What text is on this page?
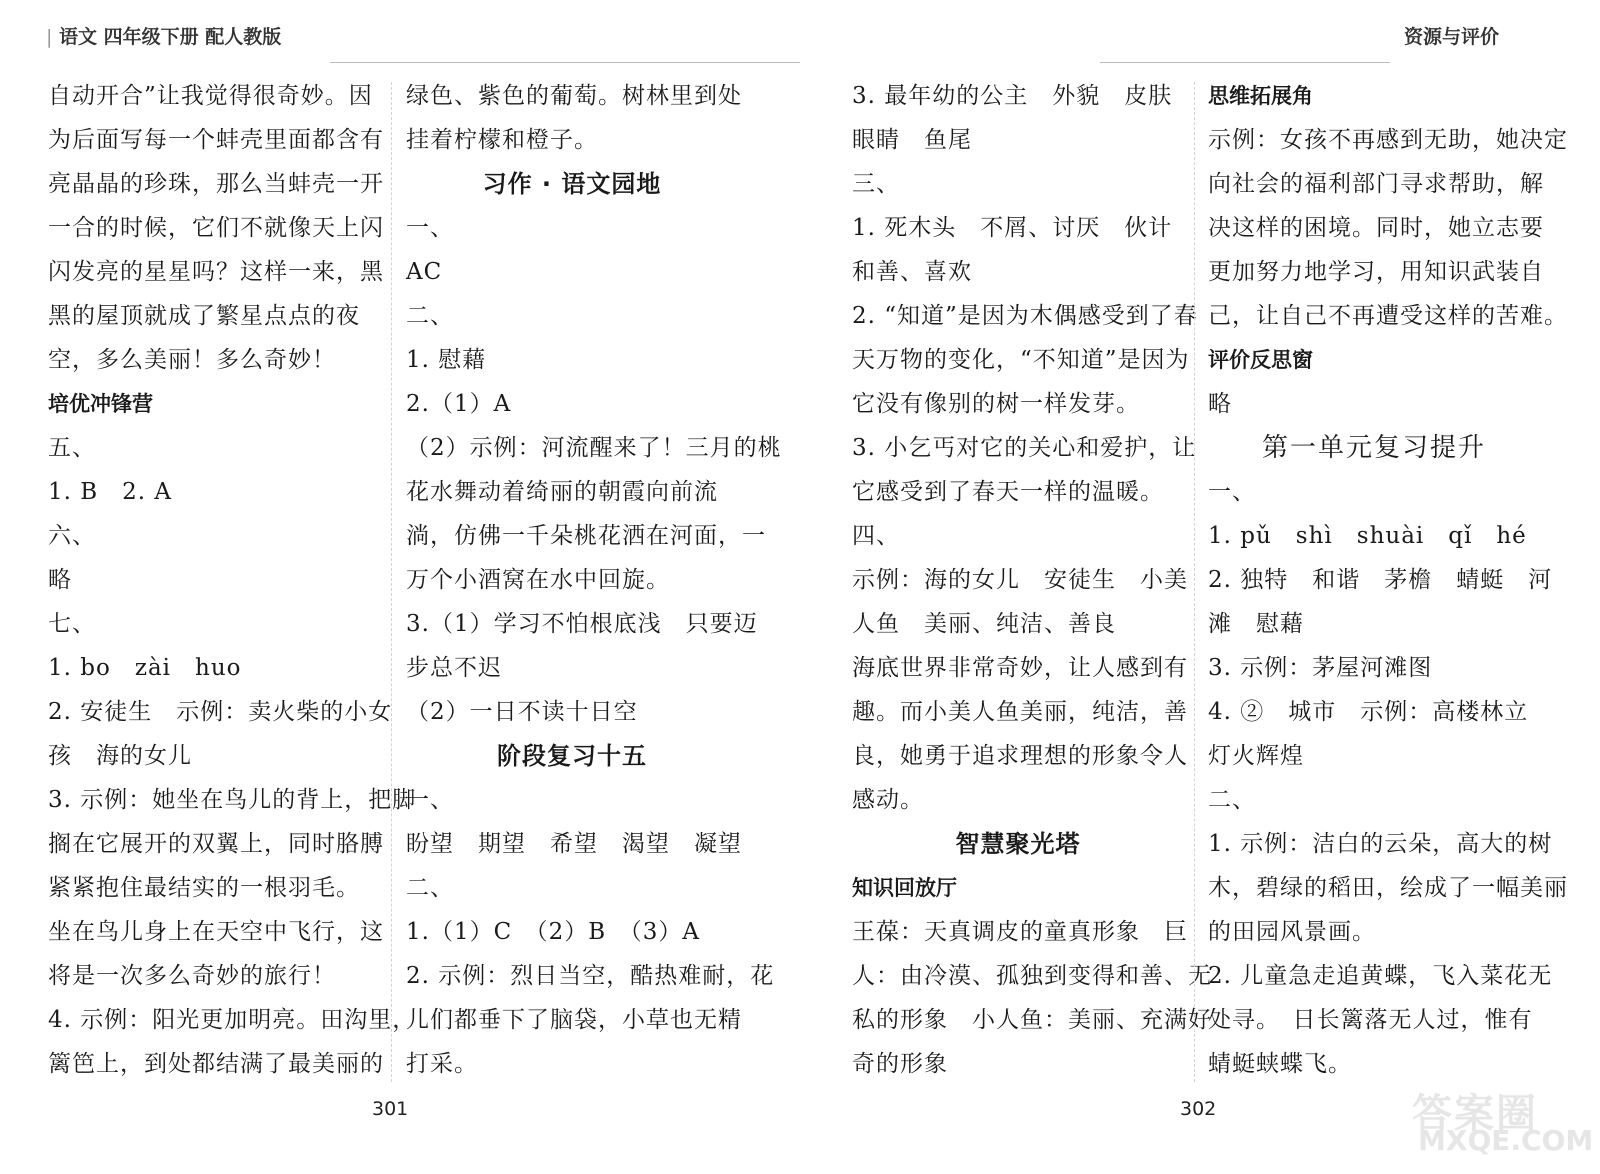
| 语文 四年级下册 配人教版	资源与评价
自动开合”让我觉得很奇妙。因
为后面写每一个蚌壳里面都含有
亮晶晶的珍珠，那么当蚌壳一开
一合的时候，它们不就像天上闪
闪发亮的星星吗？这样一来，黑
黑的屋顶就成了繁星点点的夜
空，多么美丽！多么奇妙！
培优冲锋营
五、
1. B　2. A
六、
略
七、
1. bo　zài　huo
2. 安徒生　示例：卖火柴的小女
孩　海的女儿
3. 示例：她坐在鸟儿的背上，把脚
搁在它展开的双翼上，同时胳膊
紧紧抱住最结实的一根羽毛。
坐在鸟儿身上在天空中飞行，这
将是一次多么奇妙的旅行！
4. 示例：阳光更加明亮。田沟里，
篱笆上，到处都结满了最美丽的
绿色、紫色的葡萄。树林里到处
挂着柠檬和橙子。
习作 · 语文园地
一、
AC
二、
1. 慰藉
2.（1）A
（2）示例：河流醒来了！三月的桃
花水舞动着绮丽的朝霞向前流
淌，仿佛一千朵桃花洒在河面，一
万个小酒窝在水中回旋。
3.（1）学习不怕根底浅　只要迈
步总不迟
（2）一日不读十日空
阶段复习十五
一、
盼望　期望　希望　渴望　凝望
二、
1.（1）C　（2）B　（3）A
2. 示例：烈日当空，酷热难耐，花
儿们都垂下了脑袋，小草也无精
打采。
3. 最年幼的公主　外貌　皮肤
眼睛　鱼尾
三、
1. 死木头　不屑、讨厌　伙计
和善、喜欢
2. “知道”是因为木偶感受到了春
天万物的变化，“不知道”是因为
它没有像别的树一样发芽。
3. 小乞丐对它的关心和爱护，让
它感受到了春天一样的温暖。
四、
示例：海的女儿　安徒生　小美
人鱼　美丽、纯洁、善良
海底世界非常奇妙，让人感到有
趣。而小美人鱼美丽，纯洁，善
良，她勇于追求理想的形象令人
感动。
智慧聚光塔
知识回放厅
王葆：天真调皮的童真形象　巨
人：由冷漠、孤独到变得和善、无
私的形象　小人鱼：美丽、充满好
奇的形象
思维拓展角
示例：女孩不再感到无助，她决定
向社会的福利部门寻求帮助，解
决这样的困境。同时，她立志要
更加努力地学习，用知识武装自
己，让自己不再遭受这样的苦难。
评价反思窗
略
第一单元复习提升
一、
1. pǔ　shì　shuài　qǐ　hé
2. 独特　和谐　茅檐　蜻蜓　河
滩　慰藉
3. 示例：茅屋河滩图
4. ②　城市　示例：高楼林立
灯火辉煌
二、
1. 示例：洁白的云朵，高大的树
木，碧绿的稻田，绘成了一幅美丽
的田园风景画。
2. 儿童急走追黄蝶，飞入菜花无
处寻。　日长篱落无人过，惟有
蜻蜓蛱蝶飞。
301	302	答案圈
MXQE.COM
